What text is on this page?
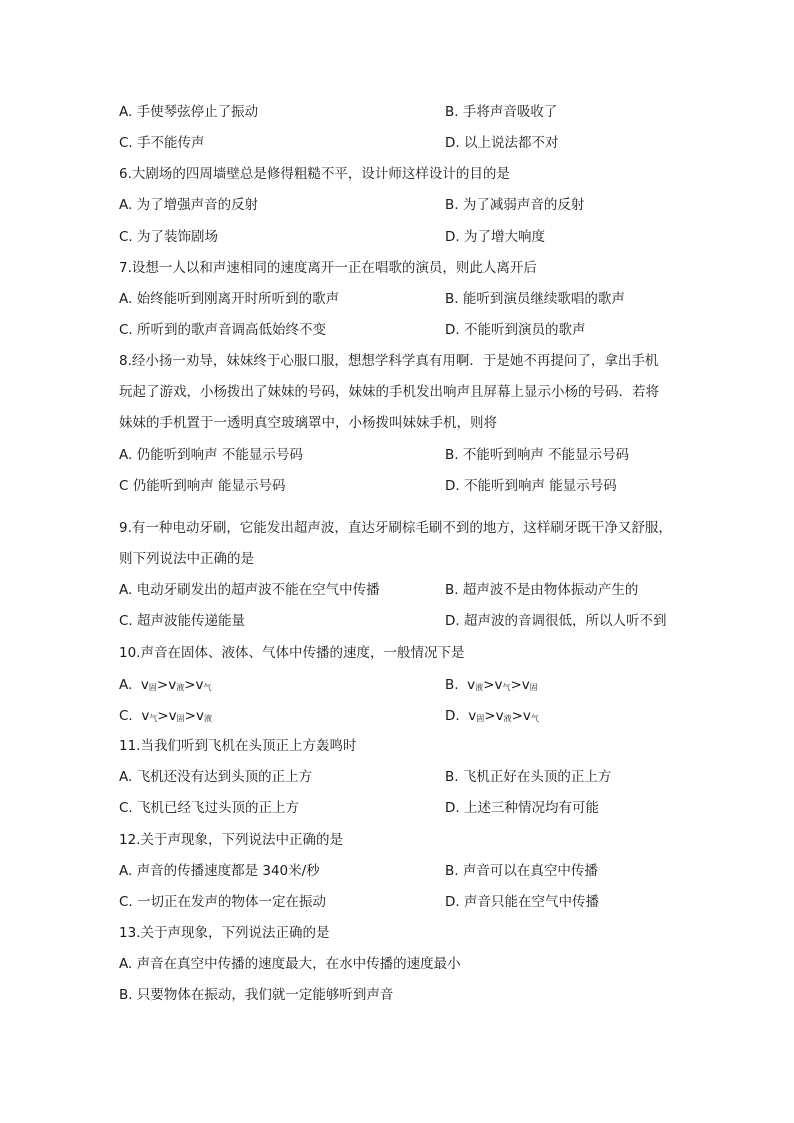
A. 手使琴弦停止了振动	B. 手将声音吸收了
C. 手不能传声	D. 以上说法都不对
6.大剧场的四周墙壁总是修得粗糙不平，设计师这样设计的目的是
A. 为了增强声音的反射	B. 为了减弱声音的反射
C. 为了装饰剧场	D. 为了增大响度
7.设想一人以和声速相同的速度离开一正在唱歌的演员，则此人离开后
A. 始终能听到刚离开时所听到的歌声	B. 能听到演员继续歌唱的歌声
C. 所听到的歌声音调高低始终不变	D. 不能听到演员的歌声
8.经小扬一劝导，妹妹终于心服口服，想想学科学真有用啊．于是她不再提问了，拿出手机
玩起了游戏，小杨拨出了妹妹的号码，妹妹的手机发出响声且屏幕上显示小杨的号码．若将
妹妹的手机置于一透明真空玻璃罩中，小杨拨叫妹妹手机，则将
A. 仍能听到响声 不能显示号码	B. 不能听到响声 不能显示号码
C 仍能听到响声 能显示号码	D. 不能听到响声 能显示号码
9.有一种电动牙刷，它能发出超声波，直达牙刷棕毛刷不到的地方，这样刷牙既干净又舒服，
则下列说法中正确的是
A. 电动牙刷发出的超声波不能在空气中传播	B. 超声波不是由物体振动产生的
C. 超声波能传递能量	D. 超声波的音调很低，所以人听不到
10.声音在固体、液体、气体中传播的速度，一般情况下是
A. $v_固>v_液>v_气$	B. $v_液>v_气>v_固$
C. $v_气>v_固>v_液$	D. $v_固>v_液>v_气$
11.当我们听到飞机在头顶正上方轰鸣时
A. 飞机还没有达到头顶的正上方	B. 飞机正好在头顶的正上方
C. 飞机已经飞过头顶的正上方	D. 上述三种情况均有可能
12.关于声现象，下列说法中正确的是
A. 声音的传播速度都是 340米/秒	B. 声音可以在真空中传播
C. 一切正在发声的物体一定在振动	D. 声音只能在空气中传播
13.关于声现象，下列说法正确的是
A. 声音在真空中传播的速度最大，在水中传播的速度最小
B. 只要物体在振动，我们就一定能够听到声音
